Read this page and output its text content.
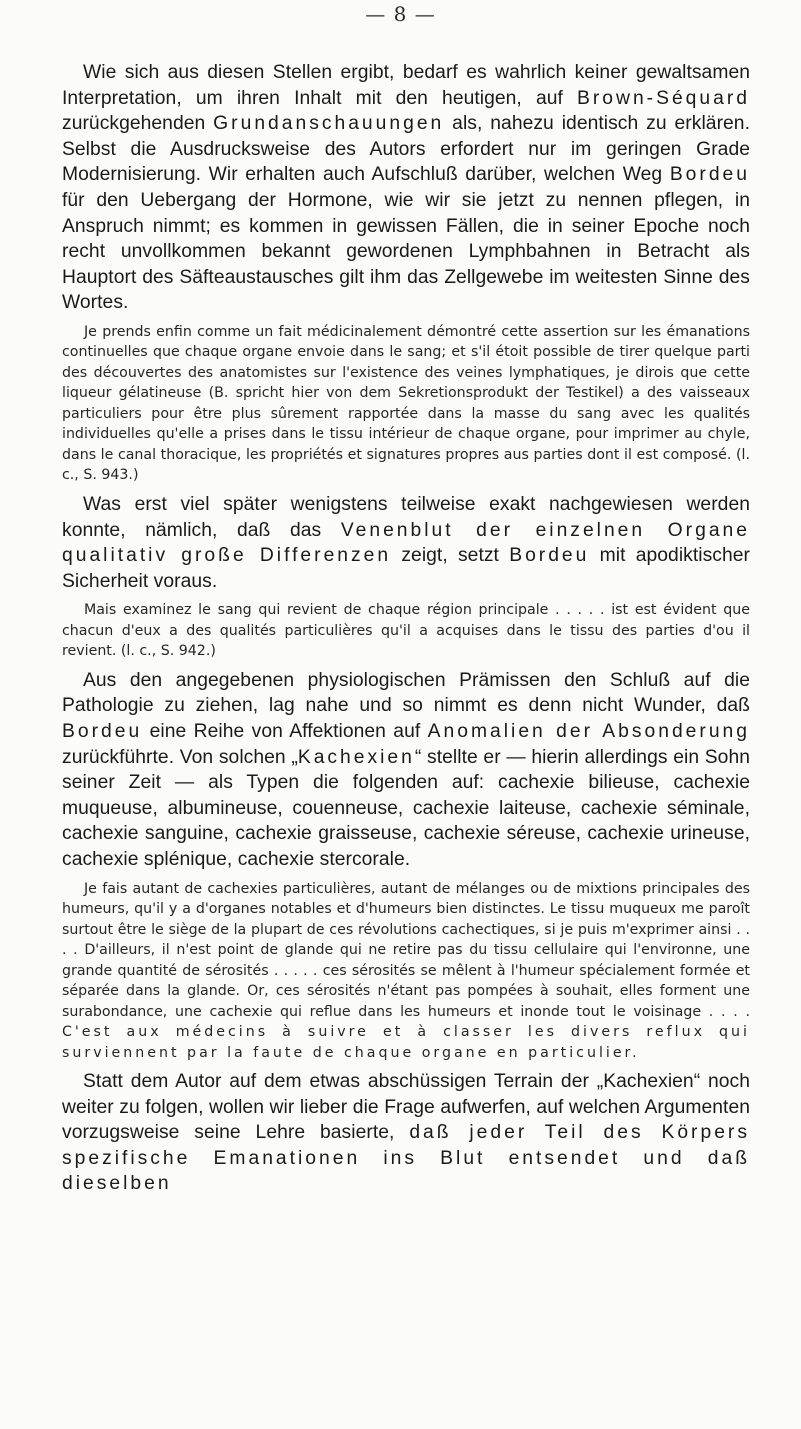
— 8 —

Wie sich aus diesen Stellen ergibt, bedarf es wahrlich keiner gewaltsamen Interpretation, um ihren Inhalt mit den heutigen, auf Brown-Séquard zurückgehenden Grundanschauungen als, nahezu identisch zu erklären. Selbst die Ausdrucksweise des Autors erfordert nur im geringen Grade Modernisierung. Wir erhalten auch Aufschluß darüber, welchen Weg Bordeu für den Uebergang der Hormone, wie wir sie jetzt zu nennen pflegen, in Anspruch nimmt; es kommen in gewissen Fällen, die in seiner Epoche noch recht unvollkommen bekannt gewordenen Lymphbahnen in Betracht als Hauptort des Säfteaustausches gilt ihm das Zellgewebe im weitesten Sinne des Wortes.

Je prends enfin comme un fait médicinalement démontré cette assertion sur les émanations continuelles que chaque organe envoie dans le sang; et s'il étoit possible de tirer quelque parti des découvertes des anatomistes sur l'existence des veines lymphatiques, je dirois que cette liqueur gélatineuse (B. spricht hier von dem Sekretionsprodukt der Testikel) a des vaisseaux particuliers pour être plus sûrement rapportée dans la masse du sang avec les qualités individuelles qu'elle a prises dans le tissu intérieur de chaque organe, pour imprimer au chyle, dans le canal thoracique, les propriétés et signatures propres aus parties dont il est composé. (l. c., S. 943.)

Was erst viel später wenigstens teilweise exakt nachgewiesen werden konnte, nämlich, daß das Venenblut der einzelnen Organe qualitativ große Differenzen zeigt, setzt Bordeu mit apodiktischer Sicherheit voraus.

Mais examinez le sang qui revient de chaque région principale . . . . . ist est évident que chacun d'eux a des qualités particulières qu'il a acquises dans le tissu des parties d'ou il revient. (l. c., S. 942.)

Aus den angegebenen physiologischen Prämissen den Schluß auf die Pathologie zu ziehen, lag nahe und so nimmt es denn nicht Wunder, daß Bordeu eine Reihe von Affektionen auf Anomalien der Absonderung zurückführte. Von solchen „Kachexien“ stellte er — hierin allerdings ein Sohn seiner Zeit — als Typen die folgenden auf: cachexie bilieuse, cachexie muqueuse, albumineuse, couenneuse, cachexie laiteuse, cachexie séminale, cachexie sanguine, cachexie graisseuse, cachexie séreuse, cachexie urineuse, cachexie splénique, cachexie stercorale.

Je fais autant de cachexies particulières, autant de mélanges ou de mixtions principales des humeurs, qu'il y a d'organes notables et d'humeurs bien distinctes. Le tissu muqueux me paroît surtout être le siège de la plupart de ces révolutions cachectiques, si je puis m'exprimer ainsi . . . . D'ailleurs, il n'est point de glande qui ne retire pas du tissu cellulaire qui l'environne, une grande quantité de sérosités . . . . . ces sérosités se mêlent à l'humeur spécialement formée et séparée dans la glande. Or, ces sérosités n'étant pas pompées à souhait, elles forment une surabondance, une cachexie qui reflue dans les humeurs et inonde tout le voisinage . . . . C'est aux médecins à suivre et à classer les divers reflux qui surviennent par la faute de chaque organe en particulier.

Statt dem Autor auf dem etwas abschüssigen Terrain der „Kachexien“ noch weiter zu folgen, wollen wir lieber die Frage aufwerfen, auf welchen Argumenten vorzugsweise seine Lehre basierte, daß jeder Teil des Körpers spezifische Emanationen ins Blut entsendet und daß dieselben
